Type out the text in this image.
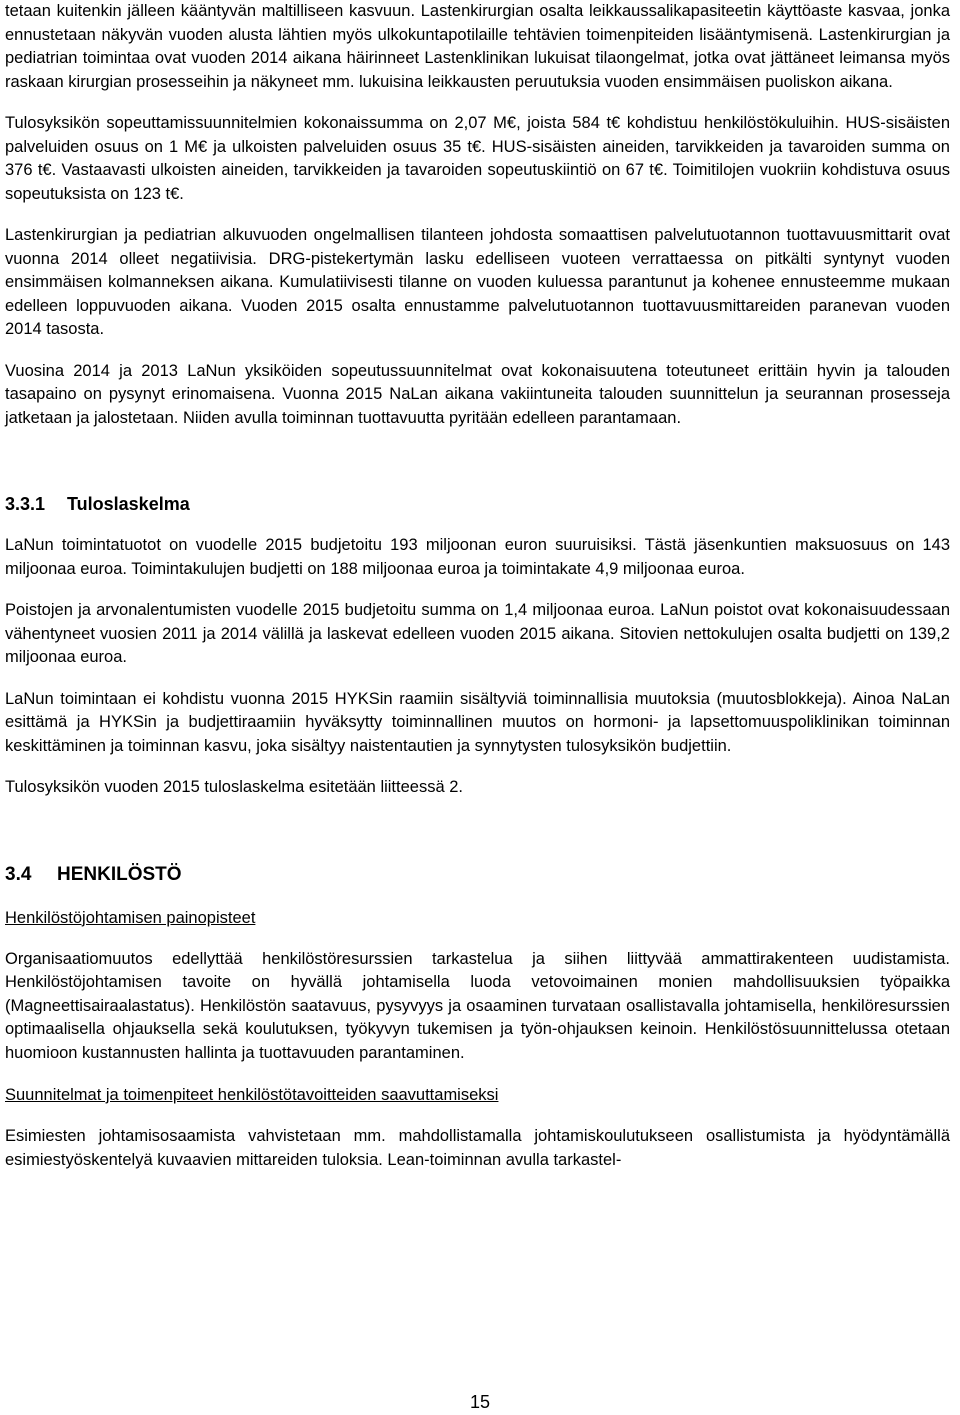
tetaan kuitenkin jälleen kääntyvän maltilliseen kasvuun. Lastenkirurgian osalta leikkaussalikapasiteetin käyttöaste kasvaa, jonka ennustetaan näkyvän vuoden alusta lähtien myös ulkokuntapotilaille tehtävien toimenpiteiden lisääntymisenä. Lastenkirurgian ja pediatrian toimintaa ovat vuoden 2014 aikana häirinneet Lastenklinikan lukuisat tilaongelmat, jotka ovat jättäneet leimansa myös raskaan kirurgian prosesseihin ja näkyneet mm. lukuisina leikkausten peruutuksia vuoden ensimmäisen puoliskon aikana.

Tulosyksikön sopeuttamissuunnitelmien kokonaissumma on 2,07 M€, joista 584 t€ kohdistuu henkilöstökuluihin. HUS-sisäisten palveluiden osuus on 1 M€ ja ulkoisten palveluiden osuus 35 t€. HUS-sisäisten aineiden, tarvikkeiden ja tavaroiden summa on 376 t€. Vastaavasti ulkoisten aineiden, tarvikkeiden ja tavaroiden sopeutuskiintiö on 67 t€. Toimitilojen vuokriin kohdistuva osuus sopeutuksista on 123 t€.

Lastenkirurgian ja pediatrian alkuvuoden ongelmallisen tilanteen johdosta somaattisen palvelutuotannon tuottavuusmittarit ovat vuonna 2014 olleet negatiivisia. DRG-pistekertymän lasku edelliseen vuoteen verrattaessa on pitkälti syntynyt vuoden ensimmäisen kolmanneksen aikana. Kumulatiivisesti tilanne on vuoden kuluessa parantunut ja kohenee ennusteemme mukaan edelleen loppuvuoden aikana. Vuoden 2015 osalta ennustamme palvelutuotannon tuottavuusmittareiden paranevan vuoden 2014 tasosta.

Vuosina 2014 ja 2013 LaNun yksiköiden sopeutussuunnitelmat ovat kokonaisuutena toteutuneet erittäin hyvin ja talouden tasapaino on pysynyt erinomaisena. Vuonna 2015 NaLan aikana vakiintuneita talouden suunnittelun ja seurannan prosesseja jatketaan ja jalostetaan. Niiden avulla toiminnan tuottavuutta pyritään edelleen parantamaan.

3.3.1 Tuloslaskelma

LaNun toimintatuotot on vuodelle 2015 budjetoitu 193 miljoonan euron suuruisiksi. Tästä jäsenkuntien maksuosuus on 143 miljoonaa euroa. Toimintakulujen budjetti on 188 miljoonaa euroa ja toimintakate 4,9 miljoonaa euroa.

Poistojen ja arvonalentumisten vuodelle 2015 budjetoitu summa on 1,4 miljoonaa euroa. LaNun poistot ovat kokonaisuudessaan vähentyneet vuosien 2011 ja 2014 välillä ja laskevat edelleen vuoden 2015 aikana. Sitovien nettokulujen osalta budjetti on 139,2 miljoonaa euroa.

LaNun toimintaan ei kohdistu vuonna 2015 HYKSin raamiin sisältyviä toiminnallisia muutoksia (muutosblokkeja). Ainoa NaLan esittämä ja HYKSin ja budjettiraamiin hyväksytty toiminnallinen muutos on hormoni- ja lapsettomuuspoliklinikan toiminnan keskittäminen ja toiminnan kasvu, joka sisältyy naistentautien ja synnytysten tulosyksikön budjettiin.

Tulosyksikön vuoden 2015 tuloslaskelma esitetään liitteessä 2.

3.4 HENKILÖSTÖ
Henkilöstöjohtamisen painopisteet

Organisaatiomuutos edellyttää henkilöstöresurssien tarkastelua ja siihen liittyvää ammattirakenteen uudistamista. Henkilöstöjohtamisen tavoite on hyvällä johtamisella luoda vetovoimainen monien mahdollisuuksien työpaikka (Magneettisairaalastatus). Henkilöstön saatavuus, pysyvyys ja osaaminen turvataan osallistavalla johtamisella, henkilöresurssien optimaalisella ohjauksella sekä koulutuksen, työkyvyn tukemisen ja työn-ohjauksen keinoin. Henkilöstösuunnittelussa otetaan huomioon kustannusten hallinta ja tuottavuuden parantaminen.

Suunnitelmat ja toimenpiteet henkilöstötavoitteiden saavuttamiseksi

Esimiesten johtamisosaamista vahvistetaan mm. mahdollistamalla johtamiskoulutukseen osallistumista ja hyödyntämällä esimiestyöskentelyä kuvaavien mittareiden tuloksia. Lean-toiminnan avulla tarkastel-

15
